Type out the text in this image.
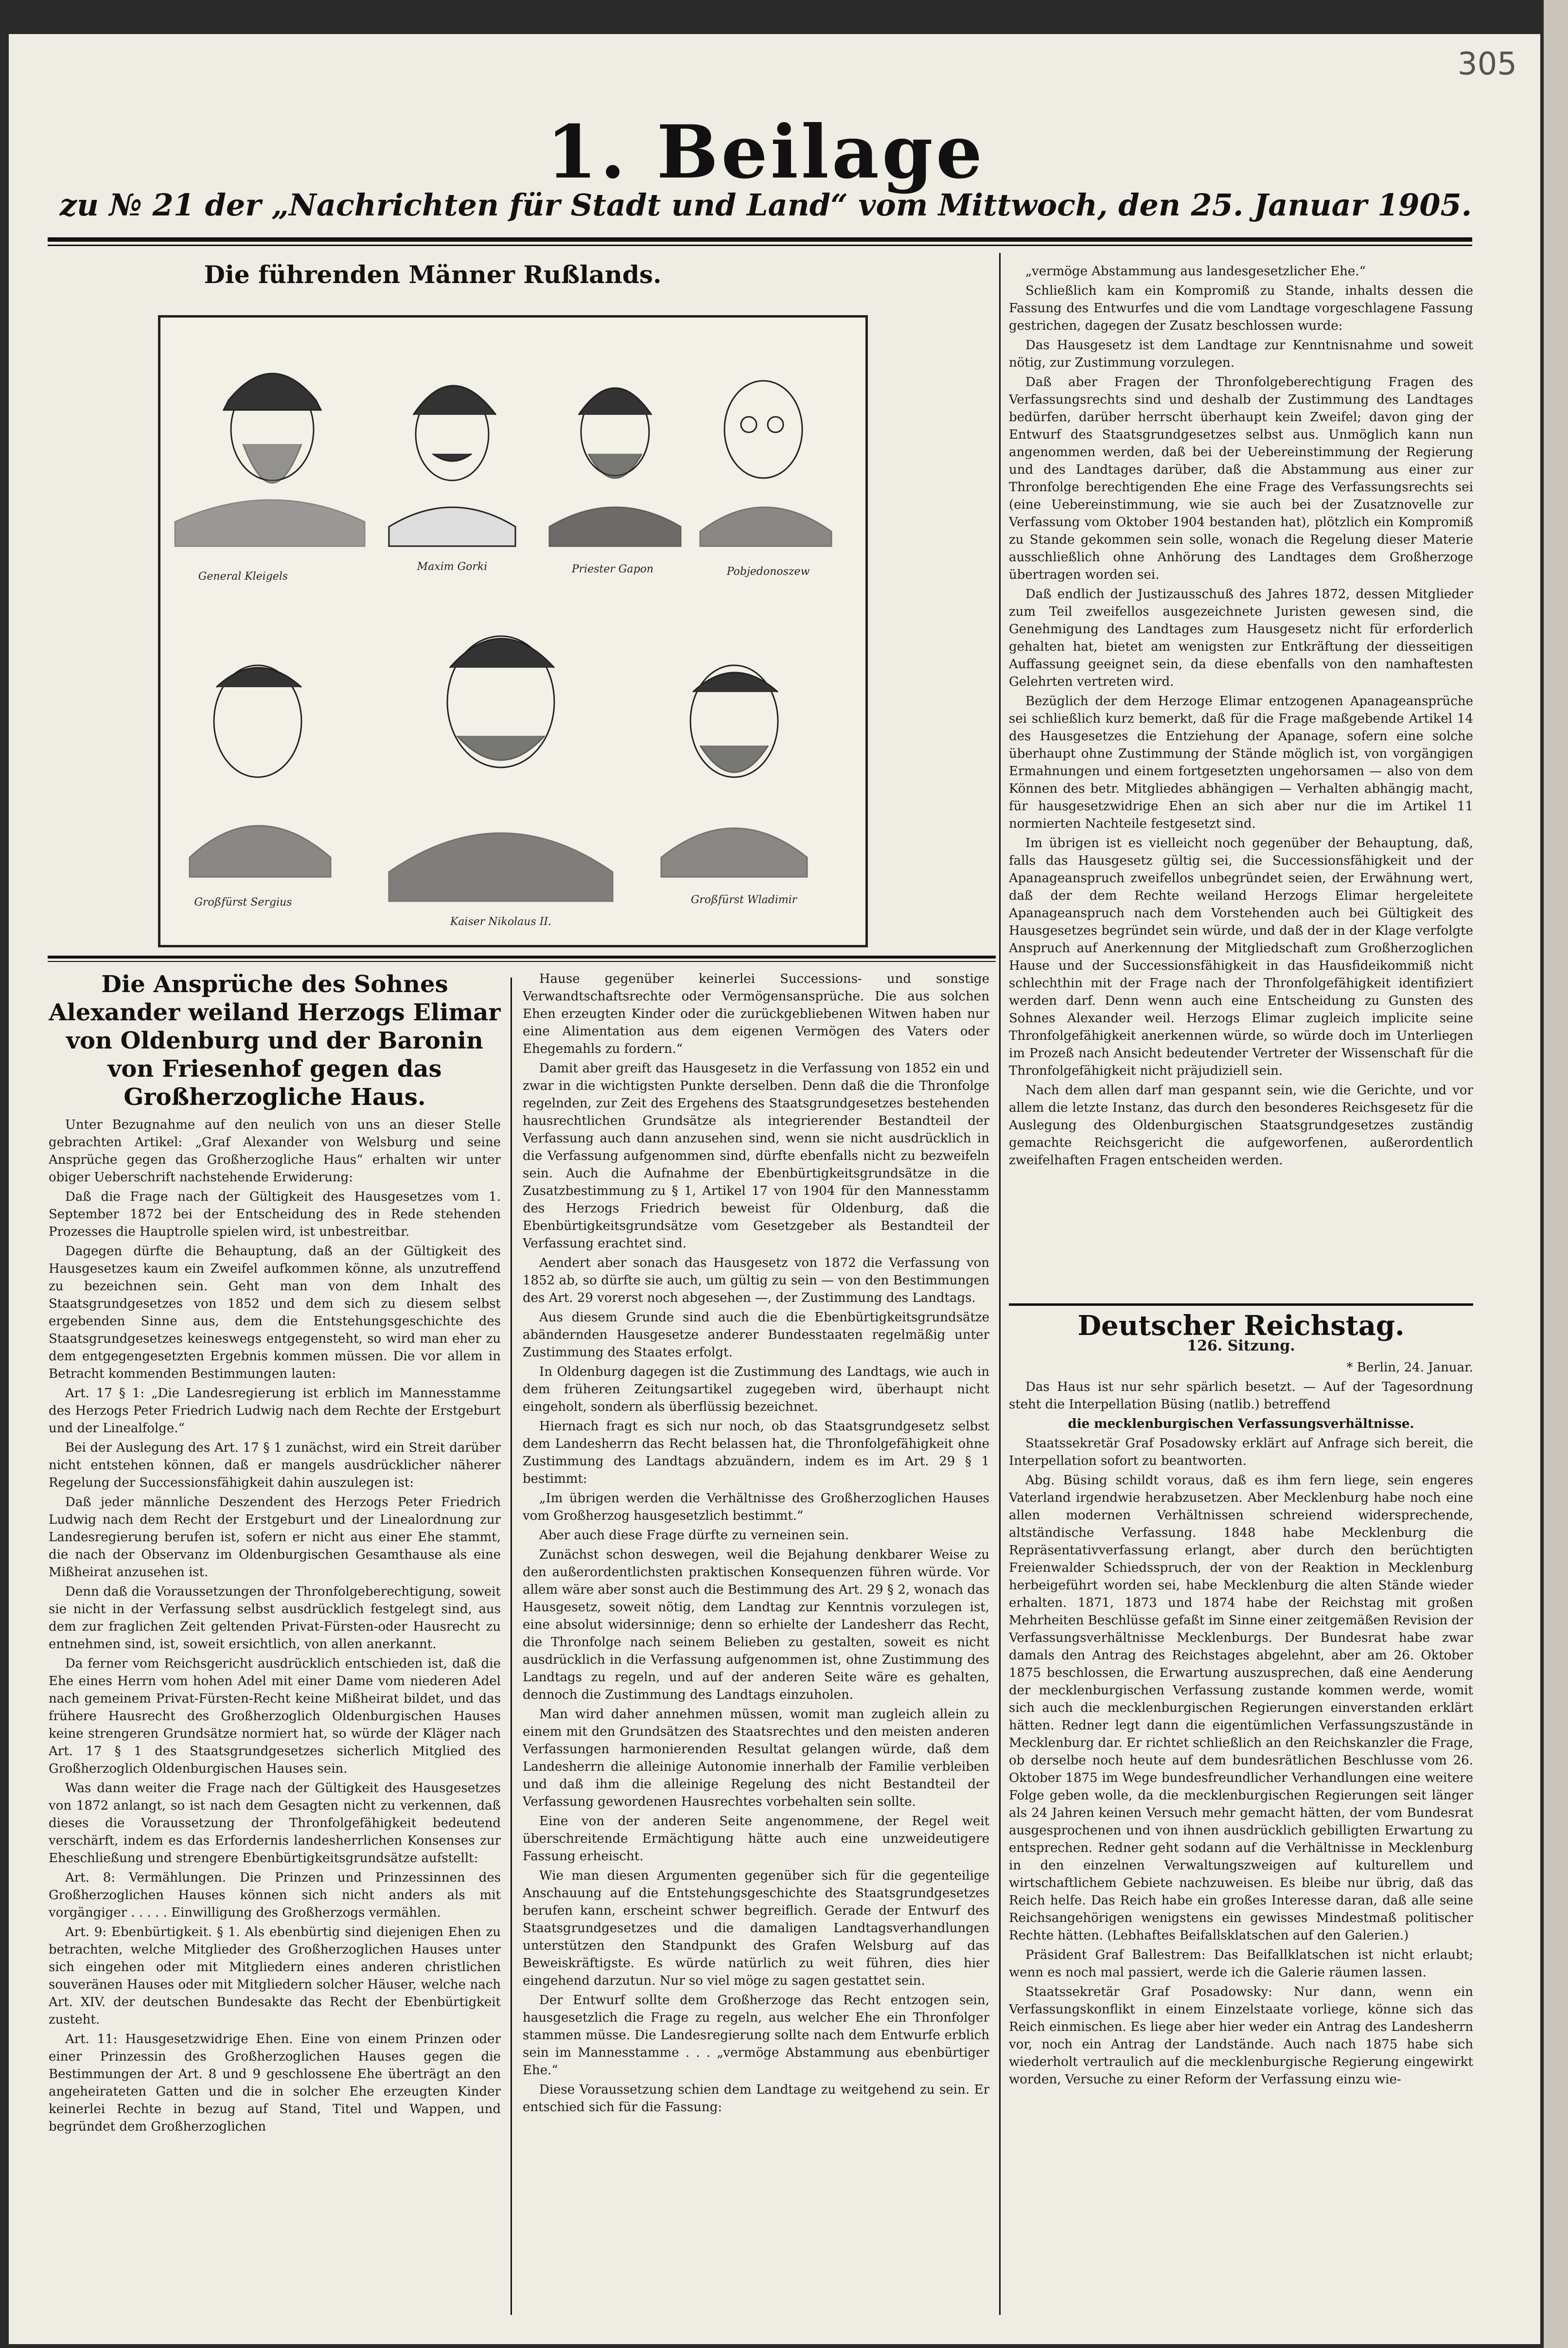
305
1. Beilage
zu № 21 der „Nachrichten für Stadt und Land“ vom Mittwoch, den 25. Januar 1905.
Die führenden Männer Rußlands.
General Kleigels
Maxim Gorki	Priester Gapon	Pobjedonoszew
Großfürst Sergius
Kaiser Nikolaus II.
Großfürst Wladimir
Die Ansprüche des Sohnes Alexander weiland Herzogs Elimar von Oldenburg und der Baronin von Friesenhof gegen das Großherzogliche Haus.

Unter Bezugnahme auf den neulich von uns an dieser Stelle gebrachten Artikel: „Graf Alexander von Welsburg und seine Ansprüche gegen das Großherzogliche Haus“ erhalten wir unter obiger Ueberschrift nachstehende Erwiderung:

Daß die Frage nach der Gültigkeit des Hausgesetzes vom 1. September 1872 bei der Entscheidung des in Rede stehenden Prozesses die Hauptrolle spielen wird, ist unbestreitbar.

Dagegen dürfte die Behauptung, daß an der Gültigkeit des Hausgesetzes kaum ein Zweifel aufkommen könne, als unzutreffend zu bezeichnen sein. Geht man von dem Inhalt des Staatsgrundgesetzes von 1852 und dem sich zu diesem selbst ergebenden Sinne aus, dem die Entstehungsgeschichte des Staatsgrundgesetzes keineswegs entgegensteht, so wird man eher zu dem entgegengesetzten Ergebnis kommen müssen. Die vor allem in Betracht kommenden Bestimmungen lauten:

Art. 17 § 1: „Die Landesregierung ist erblich im Mannesstamme des Herzogs Peter Friedrich Ludwig nach dem Rechte der Erstgeburt und der Linealfolge.“

Bei der Auslegung des Art. 17 § 1 zunächst, wird ein Streit darüber nicht entstehen können, daß er mangels ausdrücklicher näherer Regelung der Successionsfähigkeit dahin auszulegen ist:

Daß jeder männliche Deszendent des Herzogs Peter Friedrich Ludwig nach dem Recht der Erstgeburt und der Linealordnung zur Landesregierung berufen ist, sofern er nicht aus einer Ehe stammt, die nach der Observanz im Oldenburgischen Gesamthause als eine Mißheirat anzusehen ist.

Denn daß die Voraussetzungen der Thronfolgeberechtigung, soweit sie nicht in der Verfassung selbst ausdrücklich festgelegt sind, aus dem zur fraglichen Zeit geltenden Privat-Fürsten-oder Hausrecht zu entnehmen sind, ist, soweit ersichtlich, von allen anerkannt.

Da ferner vom Reichsgericht ausdrücklich entschieden ist, daß die Ehe eines Herrn vom hohen Adel mit einer Dame vom niederen Adel nach gemeinem Privat-Fürsten-Recht keine Mißheirat bildet, und das frühere Hausrecht des Großherzoglich Oldenburgischen Hauses keine strengeren Grundsätze normiert hat, so würde der Kläger nach Art. 17 § 1 des Staatsgrundgesetzes sicherlich Mitglied des Großherzoglich Oldenburgischen Hauses sein.

Was dann weiter die Frage nach der Gültigkeit des Hausgesetzes von 1872 anlangt, so ist nach dem Gesagten nicht zu verkennen, daß dieses die Voraussetzung der Thronfolgefähigkeit bedeutend verschärft, indem es das Erfordernis landesherrlichen Konsenses zur Eheschließung und strengere Ebenbürtigkeitsgrundsätze aufstellt:

Art. 8: Vermählungen. Die Prinzen und Prinzessinnen des Großherzoglichen Hauses können sich nicht anders als mit vorgängiger . . . . . Einwilligung des Großherzogs vermählen.

Art. 9: Ebenbürtigkeit. § 1. Als ebenbürtig sind diejenigen Ehen zu betrachten, welche Mitglieder des Großherzoglichen Hauses unter sich eingehen oder mit Mitgliedern eines anderen christlichen souveränen Hauses oder mit Mitgliedern solcher Häuser, welche nach Art. XIV. der deutschen Bundesakte das Recht der Ebenbürtigkeit zusteht.

Art. 11: Hausgesetzwidrige Ehen. Eine von einem Prinzen oder einer Prinzessin des Großherzoglichen Hauses gegen die Bestimmungen der Art. 8 und 9 geschlossene Ehe überträgt an den angeheirateten Gatten und die in solcher Ehe erzeugten Kinder keinerlei Rechte in bezug auf Stand, Titel und Wappen, und begründet dem Großherzoglichen

Hause gegenüber keinerlei Successions- und sonstige Verwandtschaftsrechte oder Vermögensansprüche. Die aus solchen Ehen erzeugten Kinder oder die zurückgebliebenen Witwen haben nur eine Alimentation aus dem eigenen Vermögen des Vaters oder Ehegemahls zu fordern.“

Damit aber greift das Hausgesetz in die Verfassung von 1852 ein und zwar in die wichtigsten Punkte derselben. Denn daß die die Thronfolge regelnden, zur Zeit des Ergehens des Staatsgrundgesetzes bestehenden hausrechtlichen Grundsätze als integrierender Bestandteil der Verfassung auch dann anzusehen sind, wenn sie nicht ausdrücklich in die Verfassung aufgenommen sind, dürfte ebenfalls nicht zu bezweifeln sein. Auch die Aufnahme der Ebenbürtigkeitsgrundsätze in die Zusatzbestimmung zu § 1, Artikel 17 von 1904 für den Mannesstamm des Herzogs Friedrich beweist für Oldenburg, daß die Ebenbürtigkeitsgrundsätze vom Gesetzgeber als Bestandteil der Verfassung erachtet sind.

Aendert aber sonach das Hausgesetz von 1872 die Verfassung von 1852 ab, so dürfte sie auch, um gültig zu sein — von den Bestimmungen des Art. 29 vorerst noch abgesehen —, der Zustimmung des Landtags.

Aus diesem Grunde sind auch die die Ebenbürtigkeitsgrundsätze abändernden Hausgesetze anderer Bundesstaaten regelmäßig unter Zustimmung des Staates erfolgt.

In Oldenburg dagegen ist die Zustimmung des Landtags, wie auch in dem früheren Zeitungsartikel zugegeben wird, überhaupt nicht eingeholt, sondern als überflüssig bezeichnet.

Hiernach fragt es sich nur noch, ob das Staatsgrundgesetz selbst dem Landesherrn das Recht belassen hat, die Thronfolgefähigkeit ohne Zustimmung des Landtags abzuändern, indem es im Art. 29 § 1 bestimmt:

„Im übrigen werden die Verhältnisse des Großherzoglichen Hauses vom Großherzog hausgesetzlich bestimmt.“

Aber auch diese Frage dürfte zu verneinen sein.

Zunächst schon deswegen, weil die Bejahung denkbarer Weise zu den außerordentlichsten praktischen Konsequenzen führen würde. Vor allem wäre aber sonst auch die Bestimmung des Art. 29 § 2, wonach das Hausgesetz, soweit nötig, dem Landtag zur Kenntnis vorzulegen ist, eine absolut widersinnige; denn so erhielte der Landesherr das Recht, die Thronfolge nach seinem Belieben zu gestalten, soweit es nicht ausdrücklich in die Verfassung aufgenommen ist, ohne Zustimmung des Landtags zu regeln, und auf der anderen Seite wäre es gehalten, dennoch die Zustimmung des Landtags einzuholen.

Man wird daher annehmen müssen, womit man zugleich allein zu einem mit den Grundsätzen des Staatsrechtes und den meisten anderen Verfassungen harmonierenden Resultat gelangen würde, daß dem Landesherrn die alleinige Autonomie innerhalb der Familie verbleiben und daß ihm die alleinige Regelung des nicht Bestandteil der Verfassung gewordenen Hausrechtes vorbehalten sein sollte.

Eine von der anderen Seite angenommene, der Regel weit überschreitende Ermächtigung hätte auch eine unzweideutigere Fassung erheischt.

Wie man diesen Argumenten gegenüber sich für die gegenteilige Anschauung auf die Entstehungsgeschichte des Staatsgrundgesetzes berufen kann, erscheint schwer begreiflich. Gerade der Entwurf des Staatsgrundgesetzes und die damaligen Landtagsverhandlungen unterstützen den Standpunkt des Grafen Welsburg auf das Beweiskräftigste. Es würde natürlich zu weit führen, dies hier eingehend darzutun. Nur so viel möge zu sagen gestattet sein.

Der Entwurf sollte dem Großherzoge das Recht entzogen sein, hausgesetzlich die Frage zu regeln, aus welcher Ehe ein Thronfolger stammen müsse. Die Landesregierung sollte nach dem Entwurfe erblich sein im Mannesstamme . . . „vermöge Abstammung aus ebenbürtiger Ehe.“

Diese Voraussetzung schien dem Landtage zu weitgehend zu sein. Er entschied sich für die Fassung:

„vermöge Abstammung aus landesgesetzlicher Ehe.“

Schließlich kam ein Kompromiß zu Stande, inhalts dessen die Fassung des Entwurfes und die vom Landtage vorgeschlagene Fassung gestrichen, dagegen der Zusatz beschlossen wurde:

Das Hausgesetz ist dem Landtage zur Kenntnisnahme und soweit nötig, zur Zustimmung vorzulegen.

Daß aber Fragen der Thronfolgeberechtigung Fragen des Verfassungsrechts sind und deshalb der Zustimmung des Landtages bedürfen, darüber herrscht überhaupt kein Zweifel; davon ging der Entwurf des Staatsgrundgesetzes selbst aus. Unmöglich kann nun angenommen werden, daß bei der Uebereinstimmung der Regierung und des Landtages darüber, daß die Abstammung aus einer zur Thronfolge berechtigenden Ehe eine Frage des Verfassungsrechts sei (eine Uebereinstimmung, wie sie auch bei der Zusatznovelle zur Verfassung vom Oktober 1904 bestanden hat), plötzlich ein Kompromiß zu Stande gekommen sein solle, wonach die Regelung dieser Materie ausschließlich ohne Anhörung des Landtages dem Großherzoge übertragen worden sei.

Daß endlich der Justizausschuß des Jahres 1872, dessen Mitglieder zum Teil zweifellos ausgezeichnete Juristen gewesen sind, die Genehmigung des Landtages zum Hausgesetz nicht für erforderlich gehalten hat, bietet am wenigsten zur Entkräftung der diesseitigen Auffassung geeignet sein, da diese ebenfalls von den namhaftesten Gelehrten vertreten wird.

Bezüglich der dem Herzoge Elimar entzogenen Apanageansprüche sei schließlich kurz bemerkt, daß für die Frage maßgebende Artikel 14 des Hausgesetzes die Entziehung der Apanage, sofern eine solche überhaupt ohne Zustimmung der Stände möglich ist, von vorgängigen Ermahnungen und einem fortgesetzten ungehorsamen — also von dem Können des betr. Mitgliedes abhängigen — Verhalten abhängig macht, für hausgesetzwidrige Ehen an sich aber nur die im Artikel 11 normierten Nachteile festgesetzt sind.

Im übrigen ist es vielleicht noch gegenüber der Behauptung, daß, falls das Hausgesetz gültig sei, die Successionsfähigkeit und der Apanageanspruch zweifellos unbegründet seien, der Erwähnung wert, daß der dem Rechte weiland Herzogs Elimar hergeleitete Apanageanspruch nach dem Vorstehenden auch bei Gültigkeit des Hausgesetzes begründet sein würde, und daß der in der Klage verfolgte Anspruch auf Anerkennung der Mitgliedschaft zum Großherzoglichen Hause und der Successionsfähigkeit in das Hausfideikommiß nicht schlechthin mit der Frage nach der Thronfolgefähigkeit identifiziert werden darf. Denn wenn auch eine Entscheidung zu Gunsten des Sohnes Alexander weil. Herzogs Elimar zugleich implicite seine Thronfolgefähigkeit anerkennen würde, so würde doch im Unterliegen im Prozeß nach Ansicht bedeutender Vertreter der Wissenschaft für die Thronfolgefähigkeit nicht präjudiziell sein.

Nach dem allen darf man gespannt sein, wie die Gerichte, und vor allem die letzte Instanz, das durch den besonderes Reichsgesetz für die Auslegung des Oldenburgischen Staatsgrundgesetzes zuständig gemachte Reichsgericht die aufgeworfenen, außerordentlich zweifelhaften Fragen entscheiden werden.

Deutscher Reichstag.
126. Sitzung.

* Berlin, 24. Januar.

Das Haus ist nur sehr spärlich besetzt. — Auf der Tagesordnung steht die Interpellation Büsing (natlib.) betreffend

die mecklenburgischen Verfassungsverhältnisse.

Staatssekretär Graf Posadowsky erklärt auf Anfrage sich bereit, die Interpellation sofort zu beantworten.

Abg. Büsing schildt voraus, daß es ihm fern liege, sein engeres Vaterland irgendwie herabzusetzen. Aber Mecklenburg habe noch eine allen modernen Verhältnissen schreiend widersprechende, altständische Verfassung. 1848 habe Mecklenburg die Repräsentativverfassung erlangt, aber durch den berüchtigten Freienwalder Schiedsspruch, der von der Reaktion in Mecklenburg herbeigeführt worden sei, habe Mecklenburg die alten Stände wieder erhalten. 1871, 1873 und 1874 habe der Reichstag mit großen Mehrheiten Beschlüsse gefaßt im Sinne einer zeitgemäßen Revision der Verfassungsverhältnisse Mecklenburgs. Der Bundesrat habe zwar damals den Antrag des Reichstages abgelehnt, aber am 26. Oktober 1875 beschlossen, die Erwartung auszusprechen, daß eine Aenderung der mecklenburgischen Verfassung zustande kommen werde, womit sich auch die mecklenburgischen Regierungen einverstanden erklärt hätten. Redner legt dann die eigentümlichen Verfassungszustände in Mecklenburg dar. Er richtet schließlich an den Reichskanzler die Frage, ob derselbe noch heute auf dem bundesrätlichen Beschlusse vom 26. Oktober 1875 im Wege bundesfreundlicher Verhandlungen eine weitere Folge geben wolle, da die mecklenburgischen Regierungen seit länger als 24 Jahren keinen Versuch mehr gemacht hätten, der vom Bundesrat ausgesprochenen und von ihnen ausdrücklich gebilligten Erwartung zu entsprechen. Redner geht sodann auf die Verhältnisse in Mecklenburg in den einzelnen Verwaltungszweigen auf kulturellem und wirtschaftlichem Gebiete nachzuweisen. Es bleibe nur übrig, daß das Reich helfe. Das Reich habe ein großes Interesse daran, daß alle seine Reichsangehörigen wenigstens ein gewisses Mindestmaß politischer Rechte hätten. (Lebhaftes Beifallsklatschen auf den Galerien.)

Präsident Graf Ballestrem: Das Beifallklatschen ist nicht erlaubt; wenn es noch mal passiert, werde ich die Galerie räumen lassen.

Staatssekretär Graf Posadowsky: Nur dann, wenn ein Verfassungskonflikt in einem Einzelstaate vorliege, könne sich das Reich einmischen. Es liege aber hier weder ein Antrag des Landesherrn vor, noch ein Antrag der Landstände. Auch nach 1875 habe sich wiederholt vertraulich auf die mecklenburgische Regierung eingewirkt worden, Versuche zu einer Reform der Verfassung einzu wie-
